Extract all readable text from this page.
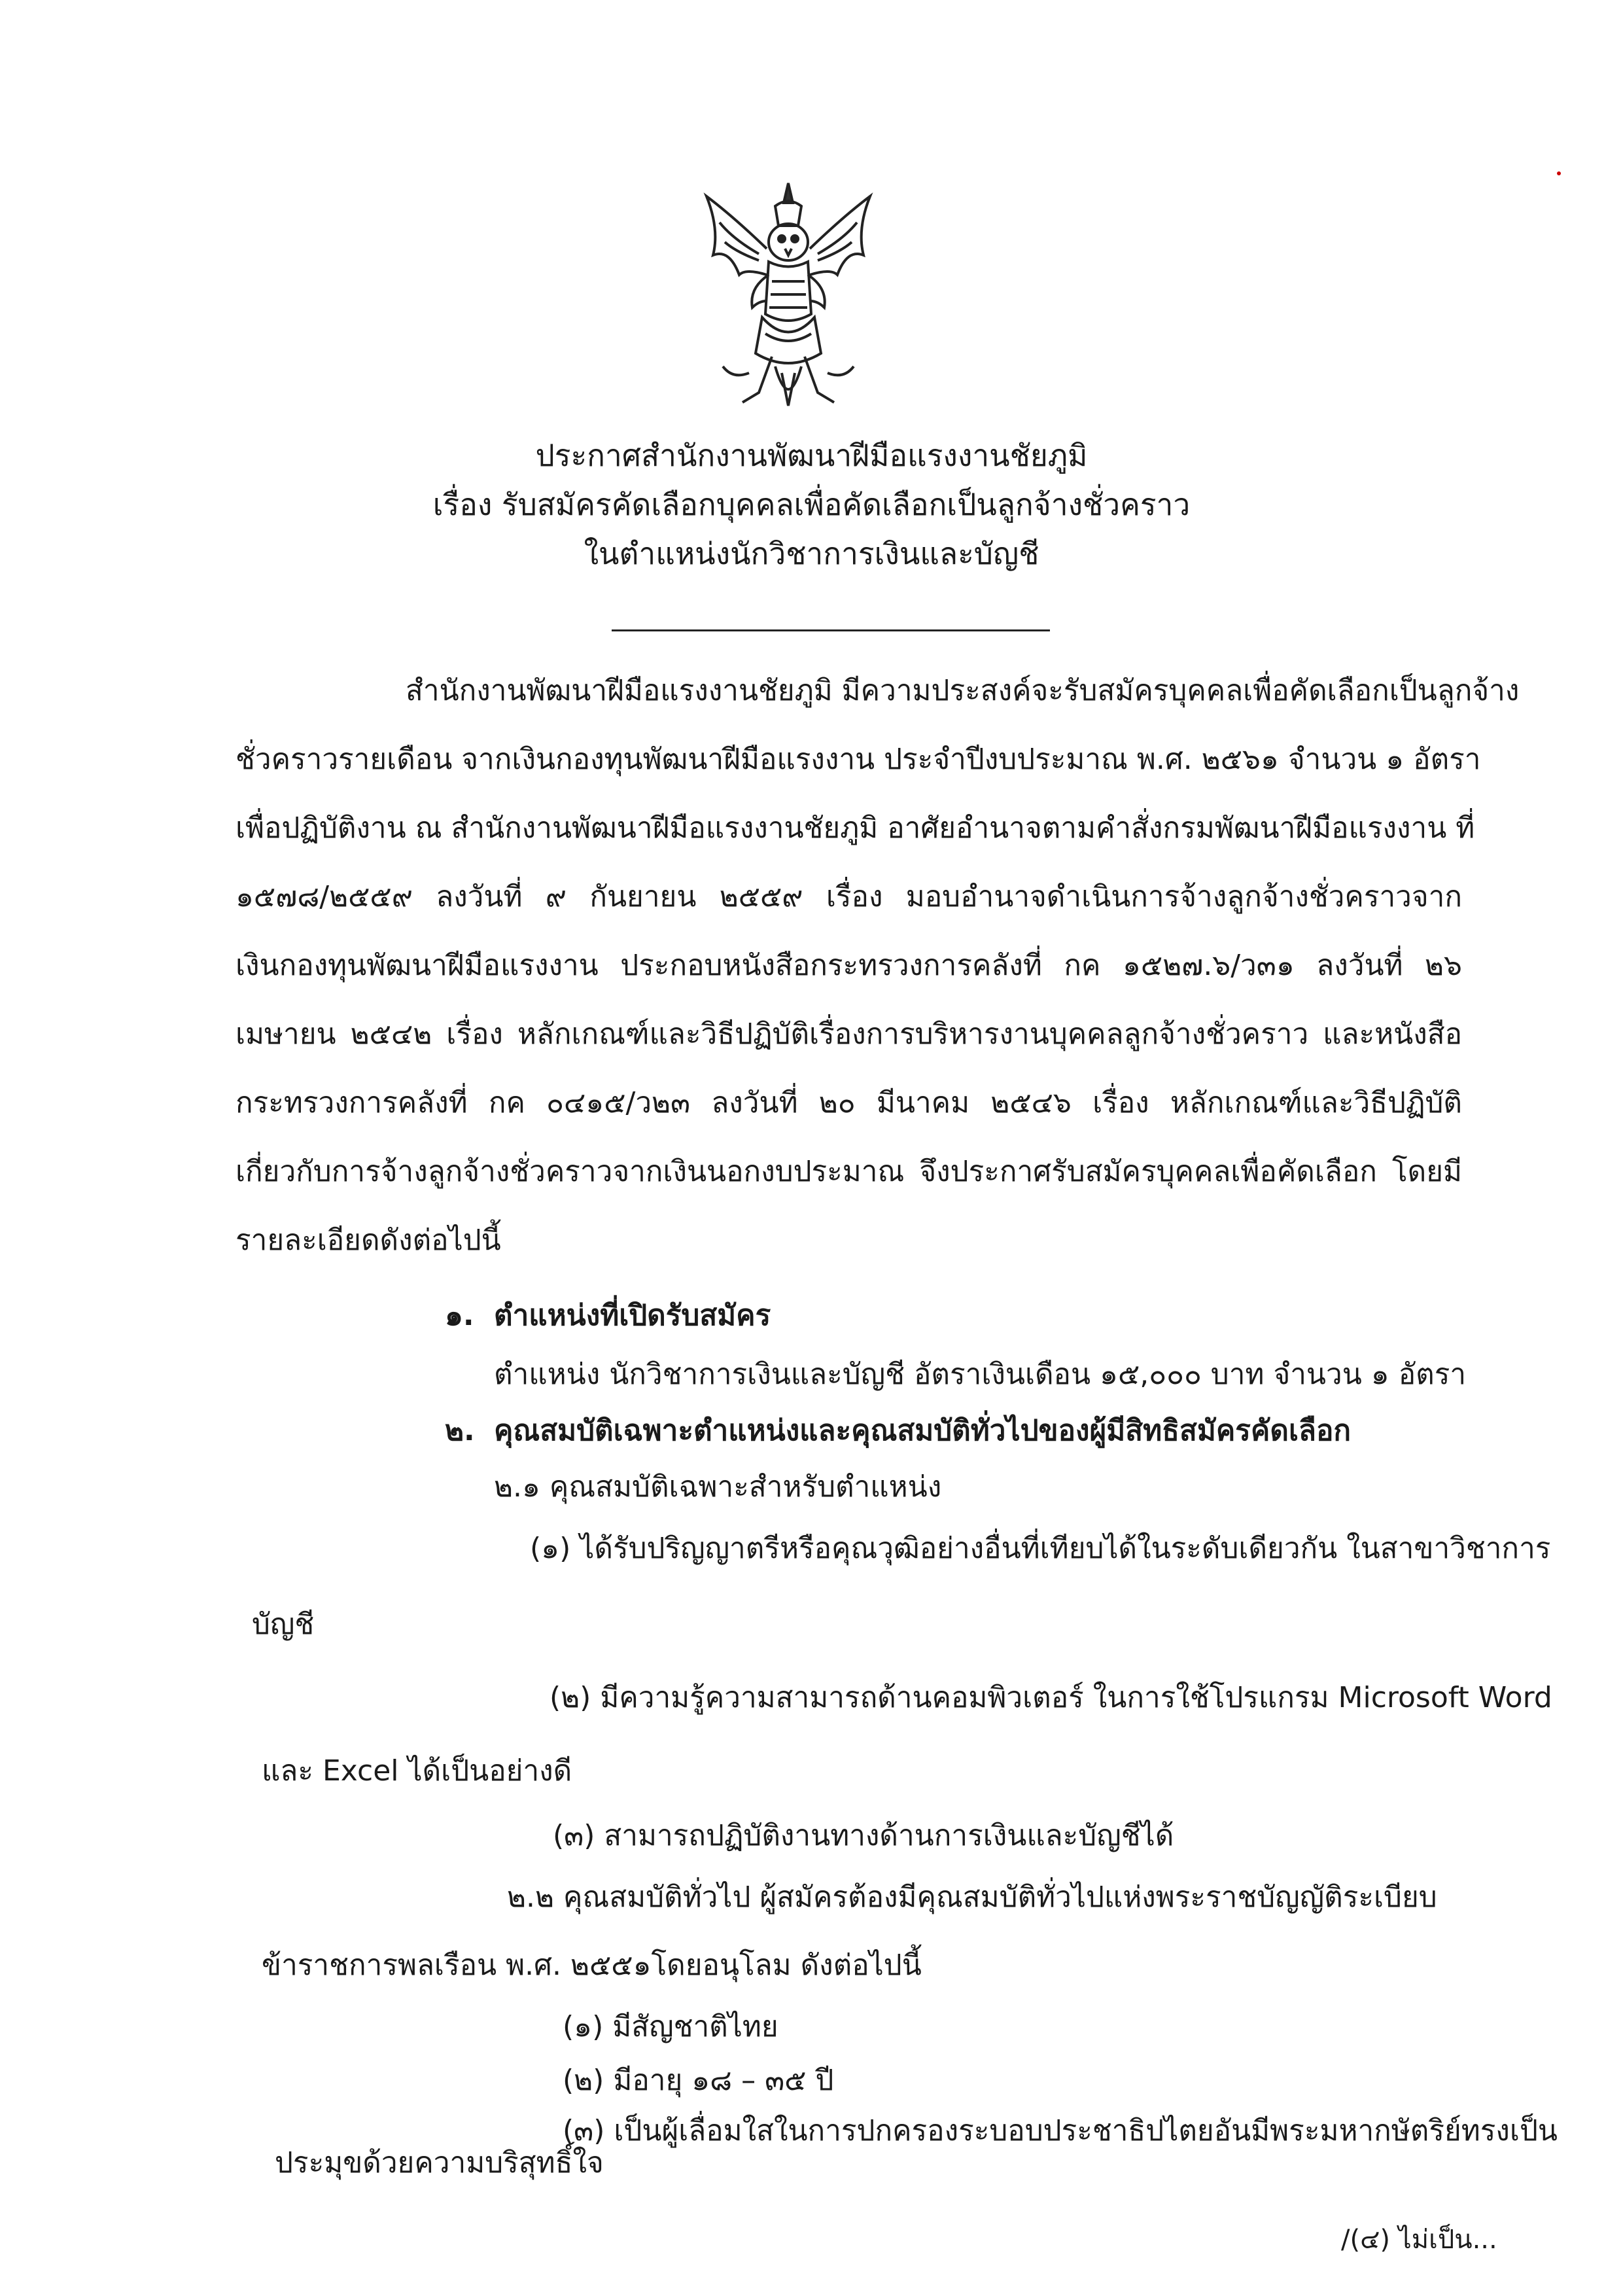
ประกาศสำนักงานพัฒนาฝีมือแรงงานชัยภูมิ
เรื่อง รับสมัครคัดเลือกบุคคลเพื่อคัดเลือกเป็นลูกจ้างชั่วคราว
ในตำแหน่งนักวิชาการเงินและบัญชี
สำนักงานพัฒนาฝีมือแรงงานชัยภูมิ มีความประสงค์จะรับสมัครบุคคลเพื่อคัดเลือกเป็นลูกจ้าง
ชั่วคราวรายเดือน จากเงินกองทุนพัฒนาฝีมือแรงงาน ประจำปีงบประมาณ พ.ศ. ๒๕๖๑ จำนวน ๑ อัตรา
เพื่อปฏิบัติงาน ณ สำนักงานพัฒนาฝีมือแรงงานชัยภูมิ อาศัยอำนาจตามคำสั่งกรมพัฒนาฝีมือแรงงาน ที่
๑๕๗๘/๒๕๕๙ ลงวันที่ ๙ กันยายน ๒๕๕๙ เรื่อง มอบอำนาจดำเนินการจ้างลูกจ้างชั่วคราวจาก
เงินกองทุนพัฒนาฝีมือแรงงาน ประกอบหนังสือกระทรวงการคลังที่ กค ๑๕๒๗.๖/ว๓๑ ลงวันที่ ๒๖
เมษายน ๒๕๔๒ เรื่อง หลักเกณฑ์และวิธีปฏิบัติเรื่องการบริหารงานบุคคลลูกจ้างชั่วคราว และหนังสือ
กระทรวงการคลังที่ กค ๐๔๑๕/ว๒๓ ลงวันที่ ๒๐ มีนาคม ๒๕๔๖ เรื่อง หลักเกณฑ์และวิธีปฏิบัติ
เกี่ยวกับการจ้างลูกจ้างชั่วคราวจากเงินนอกงบประมาณ จึงประกาศรับสมัครบุคคลเพื่อคัดเลือก โดยมี
รายละเอียดดังต่อไปนี้
๑. ตำแหน่งที่เปิดรับสมัคร
ตำแหน่ง นักวิชาการเงินและบัญชี อัตราเงินเดือน ๑๕,๐๐๐ บาท จำนวน ๑ อัตรา
๒. คุณสมบัติเฉพาะตำแหน่งและคุณสมบัติทั่วไปของผู้มีสิทธิสมัครคัดเลือก
๒.๑ คุณสมบัติเฉพาะสำหรับตำแหน่ง
(๑) ได้รับปริญญาตรีหรือคุณวุฒิอย่างอื่นที่เทียบได้ในระดับเดียวกัน ในสาขาวิชาการ
บัญชี
(๒) มีความรู้ความสามารถด้านคอมพิวเตอร์ ในการใช้โปรแกรม Microsoft Word
และ Excel ได้เป็นอย่างดี
(๓) สามารถปฏิบัติงานทางด้านการเงินและบัญชีได้
๒.๒ คุณสมบัติทั่วไป ผู้สมัครต้องมีคุณสมบัติทั่วไปแห่งพระราชบัญญัติระเบียบ
ข้าราชการพลเรือน พ.ศ. ๒๕๕๑โดยอนุโลม ดังต่อไปนี้
(๑) มีสัญชาติไทย
(๒) มีอายุ ๑๘ – ๓๕ ปี
(๓) เป็นผู้เลื่อมใสในการปกครองระบอบประชาธิปไตยอันมีพระมหากษัตริย์ทรงเป็น
ประมุขด้วยความบริสุทธิ์ใจ
/(๔) ไม่เป็น...
